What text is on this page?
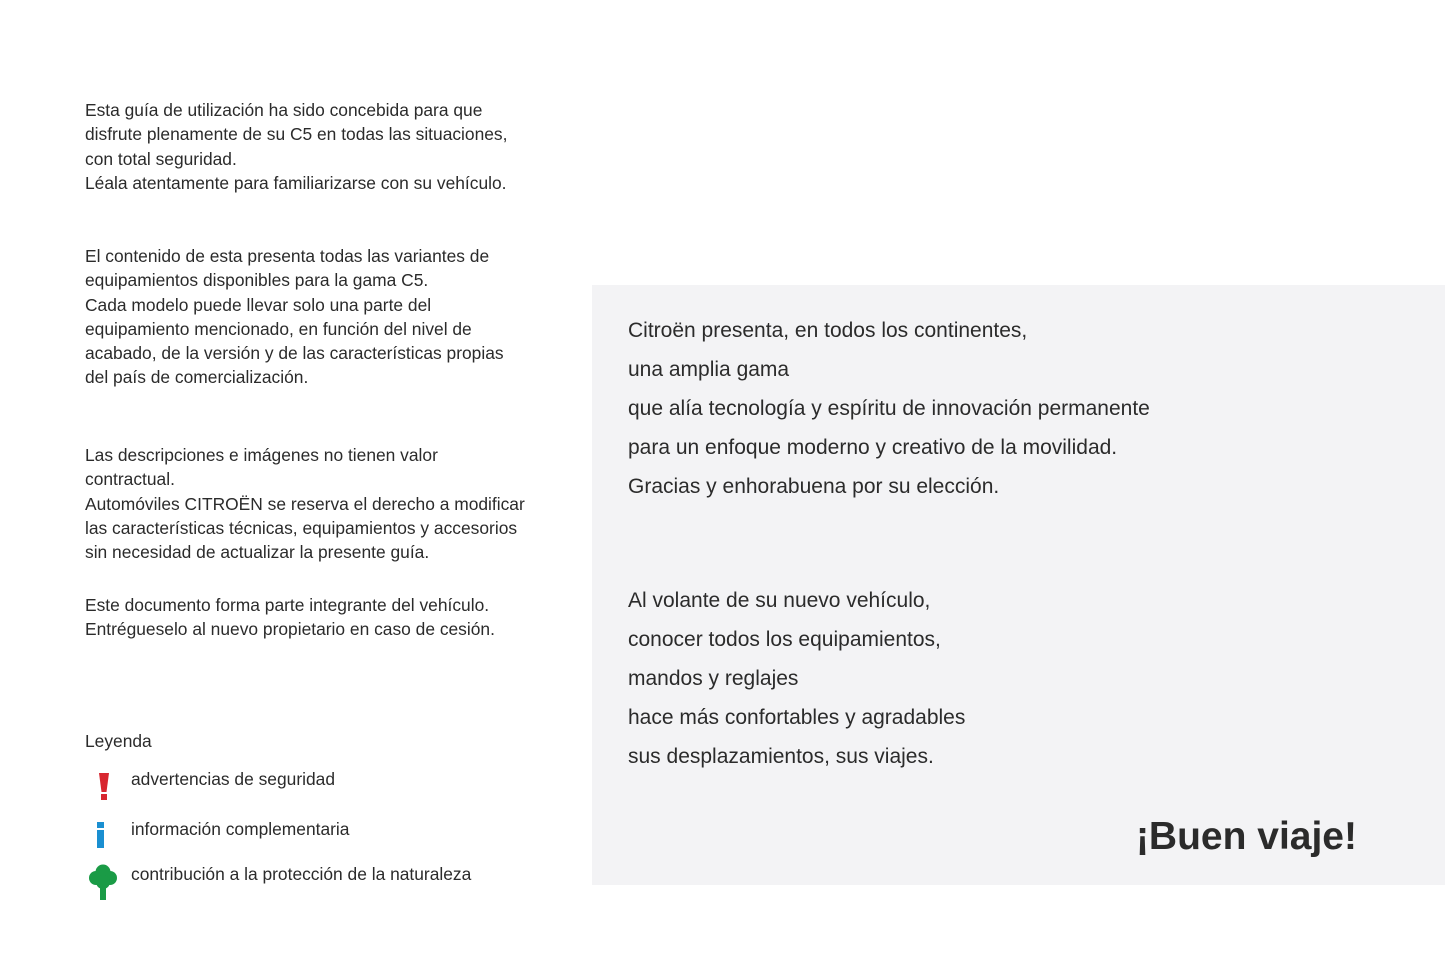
Esta guía de utilización ha sido concebida para que
disfrute plenamente de su C5 en todas las situaciones,
con total seguridad.
Léala atentamente para familiarizarse con su vehículo.

El contenido de esta presenta todas las variantes de
equipamientos disponibles para la gama C5.
Cada modelo puede llevar solo una parte del
equipamiento mencionado, en función del nivel de
acabado, de la versión y de las características propias
del país de comercialización.

Las descripciones e imágenes no tienen valor
contractual.
Automóviles CITROËN se reserva el derecho a modificar
las características técnicas, equipamientos y accesorios
sin necesidad de actualizar la presente guía.

Este documento forma parte integrante del vehículo.
Entrégueselo al nuevo propietario en caso de cesión.

Leyenda
advertencias de seguridad
información complementaria
contribución a la protección de la naturaleza
Citroën presenta, en todos los continentes,
una amplia gama
que alía tecnología y espíritu de innovación permanente
para un enfoque moderno y creativo de la movilidad.
Gracias y enhorabuena por su elección.
Al volante de su nuevo vehículo,
conocer todos los equipamientos,
mandos y reglajes
hace más confortables y agradables
sus desplazamientos, sus viajes.
¡Buen viaje!
